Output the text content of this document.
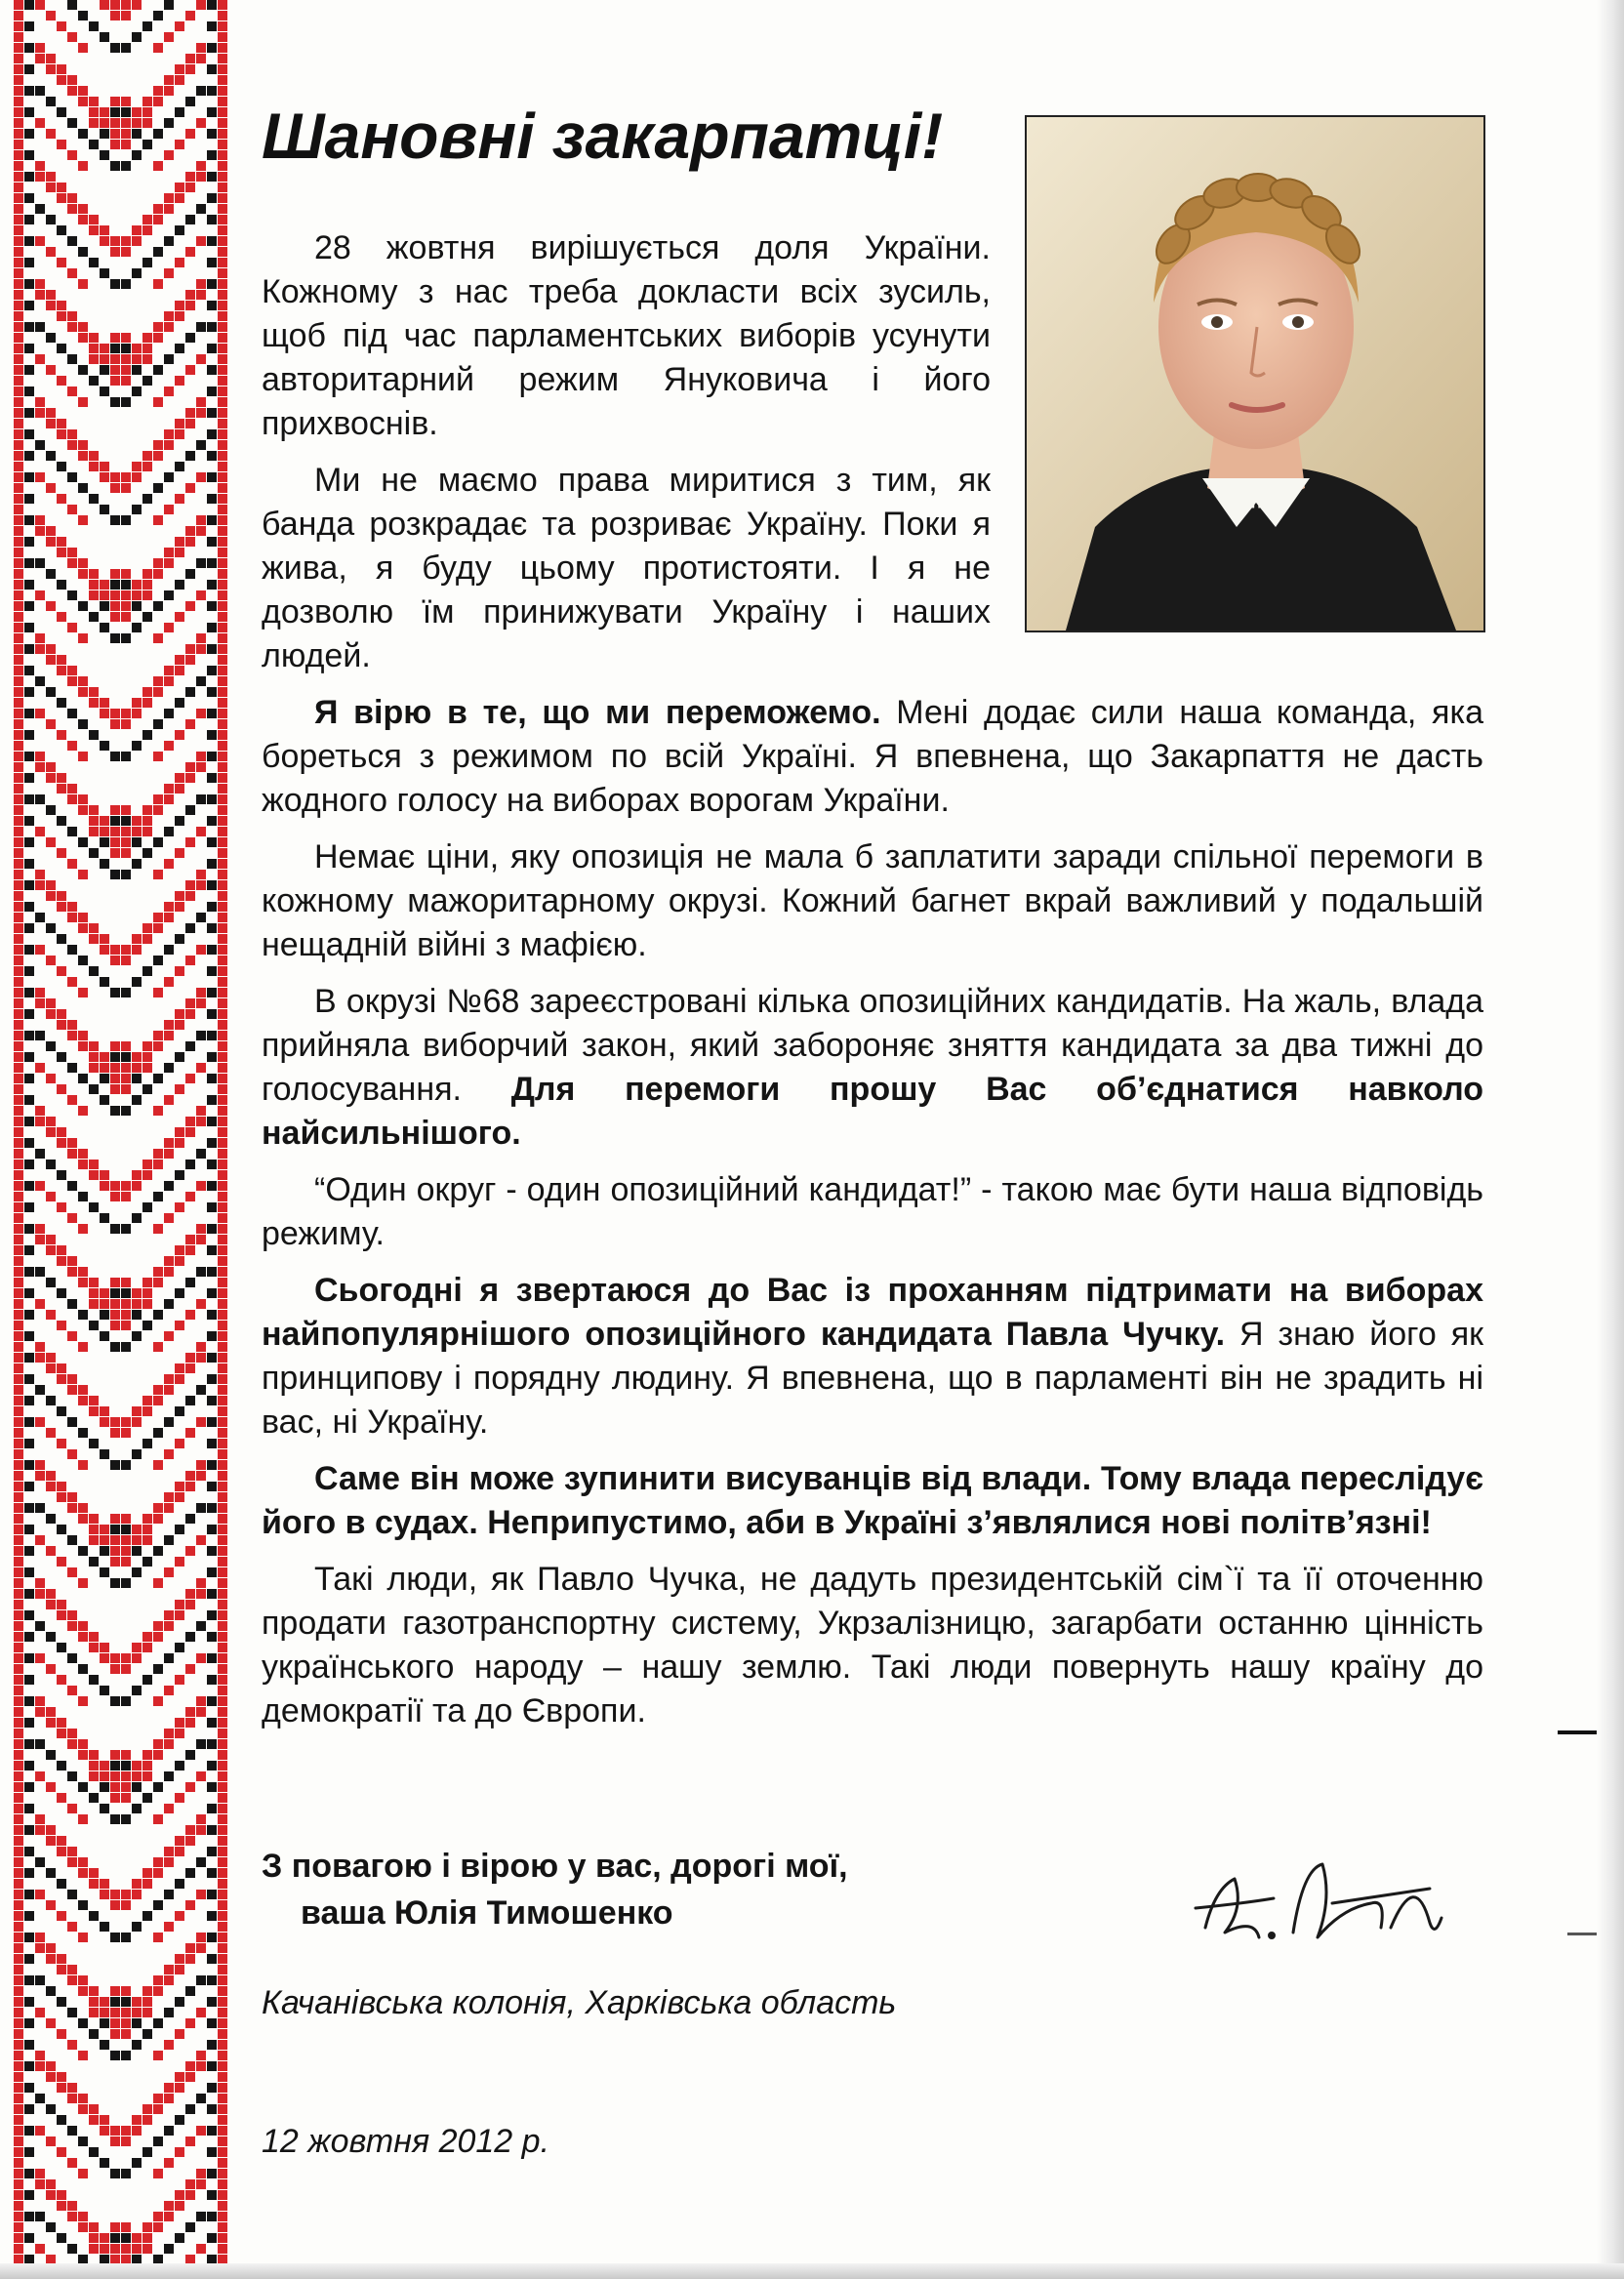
Шановні закарпатці!

28 жовтня вирішується доля України. Кожному з нас треба докласти всіх зусиль, щоб під час парламентських виборів усунути авторитарний режим Януковича і його прихвоснів.

Ми не маємо права миритися з тим, як банда розкрадає та розриває Україну. Поки я жива, я буду цьому протистояти. І я не дозволю їм принижувати Україну і наших людей.

Я вірю в те, що ми переможемо. Мені додає сили наша команда, яка бореться з режимом по всій Україні. Я впевнена, що Закарпаття не дасть жодного голосу на виборах ворогам України.

Немає ціни, яку опозиція не мала б заплатити заради спільної перемоги в кожному мажоритарному окрузі. Кожний багнет вкрай важливий у подальшій нещадній війні з мафією.

В окрузі №68 зареєстровані кілька опозиційних кандидатів. На жаль, влада прийняла виборчий закон, який забороняє зняття кандидата за два тижні до голосування. Для перемоги прошу Вас об’єднатися навколо найсильнішого.

“Один округ - один опозиційний кандидат!” - такою має бути наша відповідь режиму.

Сьогодні я звертаюся до Вас із проханням підтримати на виборах найпопулярнішого опозиційного кандидата Павла Чучку. Я знаю його як принципову і порядну людину. Я впевнена, що в парламенті він не зрадить ні вас, ні Україну.

Саме він може зупинити висуванців від влади. Тому влада переслідує його в судах. Неприпустимо, аби в Україні з’являлися нові політв’язні!

Такі люди, як Павло Чучка, не дадуть президентській сім`ї та її оточенню продати газотранспортну систему, Укрзалізницю, загарбати останню цінність українського народу – нашу землю. Такі люди повернуть нашу країну до демократії та до Європи.

З повагою і вірою у вас, дорогі мої,
ваша Юлія Тимошенко
Качанівська колонія, Харківська область
12 жовтня 2012 р.
